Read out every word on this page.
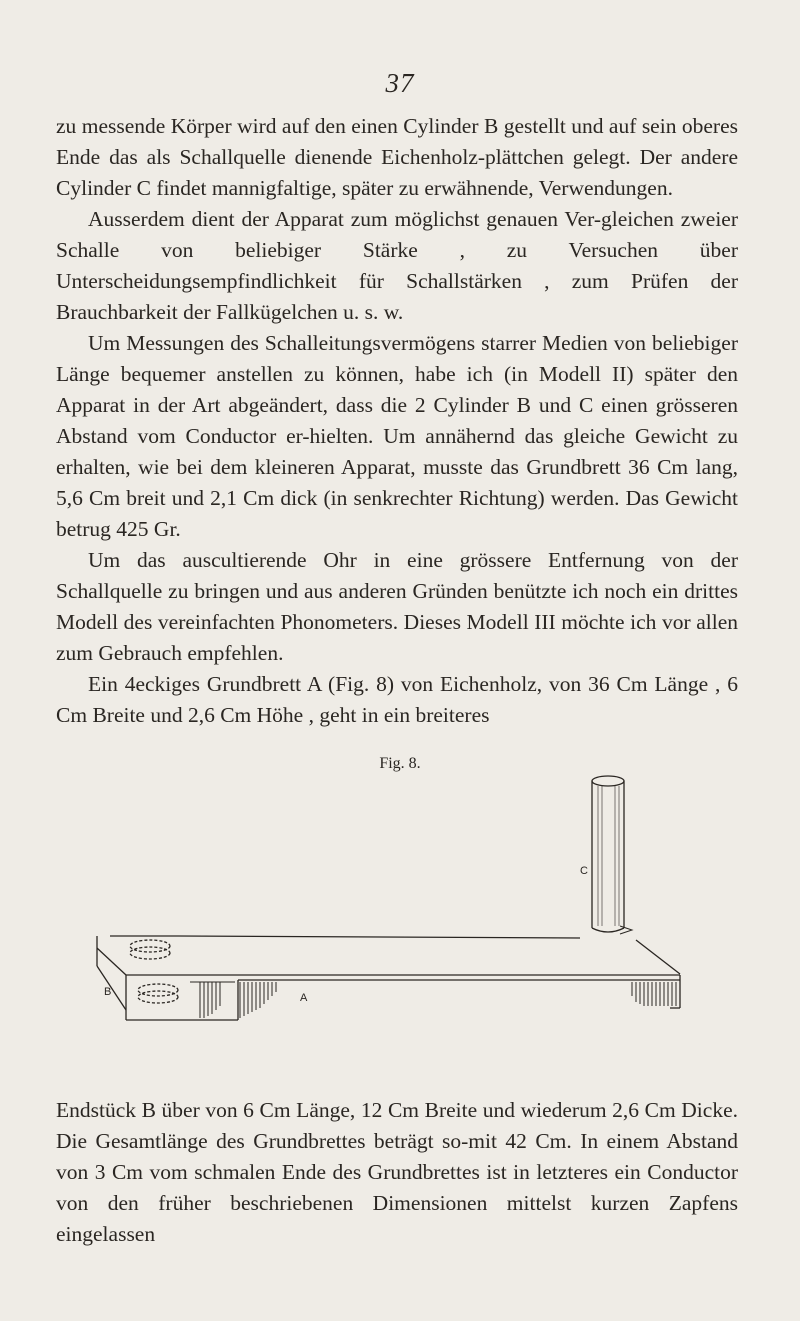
37

zu messende Körper wird auf den einen Cylinder B gestellt und auf sein oberes Ende das als Schallquelle dienende Eichenholz-plättchen gelegt. Der andere Cylinder C findet mannigfaltige, später zu erwähnende, Verwendungen.

Ausserdem dient der Apparat zum möglichst genauen Ver-gleichen zweier Schalle von beliebiger Stärke , zu Versuchen über Unterscheidungsempfindlichkeit für Schallstärken , zum Prüfen der Brauchbarkeit der Fallkügelchen u. s. w.

Um Messungen des Schalleitungsvermögens starrer Medien von beliebiger Länge bequemer anstellen zu können, habe ich (in Modell II) später den Apparat in der Art abgeändert, dass die 2 Cylinder B und C einen grösseren Abstand vom Conductor er-hielten. Um annähernd das gleiche Gewicht zu erhalten, wie bei dem kleineren Apparat, musste das Grundbrett 36 Cm lang, 5,6 Cm breit und 2,1 Cm dick (in senkrechter Richtung) werden. Das Gewicht betrug 425 Gr.

Um das auscultierende Ohr in eine grössere Entfernung von der Schallquelle zu bringen und aus anderen Gründen benützte ich noch ein drittes Modell des vereinfachten Phonometers. Dieses Modell III möchte ich vor allen zum Gebrauch empfehlen.

Ein 4eckiges Grundbrett A (Fig. 8) von Eichenholz, von 36 Cm Länge , 6 Cm Breite und 2,6 Cm Höhe , geht in ein breiteres

Fig. 8.
B	A
C

Endstück B über von 6 Cm Länge, 12 Cm Breite und wiederum 2,6 Cm Dicke. Die Gesamtlänge des Grundbrettes beträgt so-mit 42 Cm. In einem Abstand von 3 Cm vom schmalen Ende des Grundbrettes ist in letzteres ein Conductor von den früher beschriebenen Dimensionen mittelst kurzen Zapfens eingelassen
